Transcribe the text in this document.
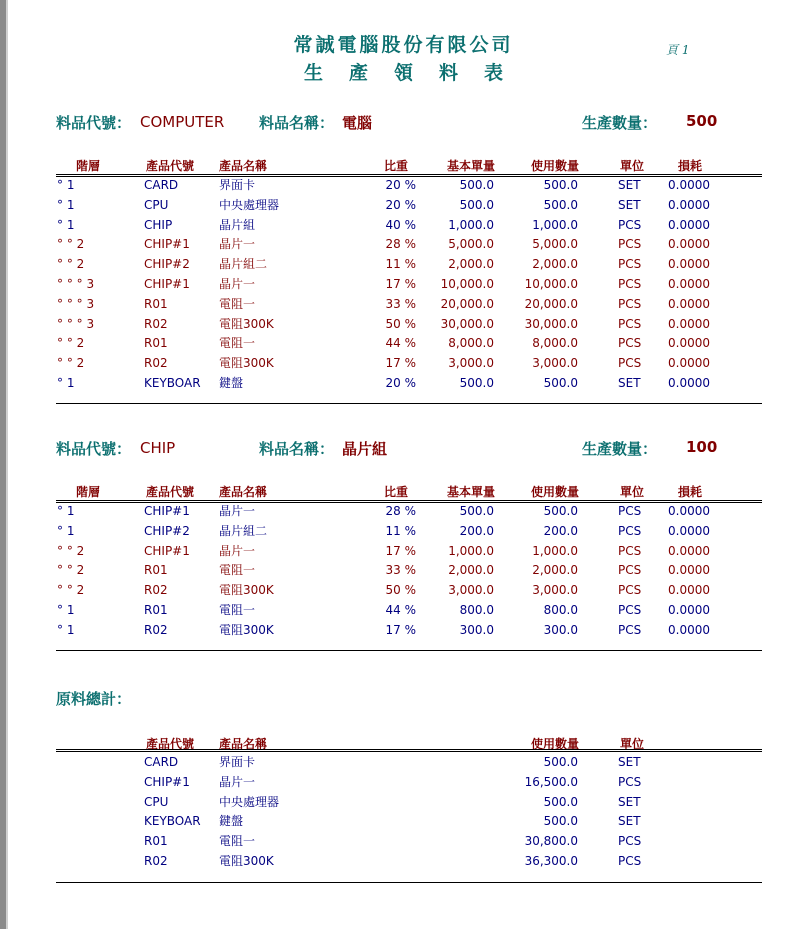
常誠電腦股份有限公司
生產領料表
頁 1
料品代號： COMPUTER 料品名稱： 電腦	生產數量： 500
階層	產品代號 產品名稱	比重	基本單量	使用數量	單位	損耗
° 1	CARD	界面卡	20 %	500.0	500.0	SET 0.0000
° 1	CPU	中央處理器	20 %	500.0	500.0	SET 0.0000
° 1	CHIP	晶片組	40 %	1,000.0	1,000.0	PCS 0.0000
° ° 2	CHIP#1 晶片一	28 %	5,000.0	5,000.0	PCS 0.0000
° ° 2	CHIP#2 晶片組二	11 %	2,000.0	2,000.0	PCS 0.0000
° ° ° 3	CHIP#1 晶片一	17 %	10,000.0	10,000.0	PCS 0.0000
° ° ° 3	R01	電阻一	33 %	20,000.0	20,000.0	PCS 0.0000
° ° ° 3	R02	電阻300K	50 %	30,000.0	30,000.0	PCS 0.0000
° ° 2	R01	電阻一	44 %	8,000.0	8,000.0	PCS 0.0000
° ° 2	R02	電阻300K	17 %	3,000.0	3,000.0	PCS 0.0000
° 1	KEYBOAR 鍵盤	20 %	500.0	500.0	SET 0.0000
料品代號： CHIP	料品名稱： 晶片組	生產數量： 100
階層	產品代號 產品名稱	比重	基本單量	使用數量	單位	損耗
° 1	CHIP#1 晶片一	28 %	500.0	500.0	PCS 0.0000
° 1	CHIP#2 晶片組二	11 %	200.0	200.0	PCS 0.0000
° ° 2	CHIP#1 晶片一	17 %	1,000.0	1,000.0	PCS 0.0000
° ° 2	R01	電阻一	33 %	2,000.0	2,000.0	PCS 0.0000
° ° 2	R02	電阻300K	50 %	3,000.0	3,000.0	PCS 0.0000
° 1	R01	電阻一	44 %	800.0	800.0	PCS 0.0000
° 1	R02	電阻300K	17 %	300.0	300.0	PCS 0.0000
原料總計：
產品代號 產品名稱	使用數量	單位
CARD	界面卡	500.0	SET
CHIP#1 晶片一	16,500.0	PCS
CPU	中央處理器	500.0	SET
KEYBOAR 鍵盤	500.0	SET
R01	電阻一	30,800.0	PCS
R02	電阻300K	36,300.0	PCS
